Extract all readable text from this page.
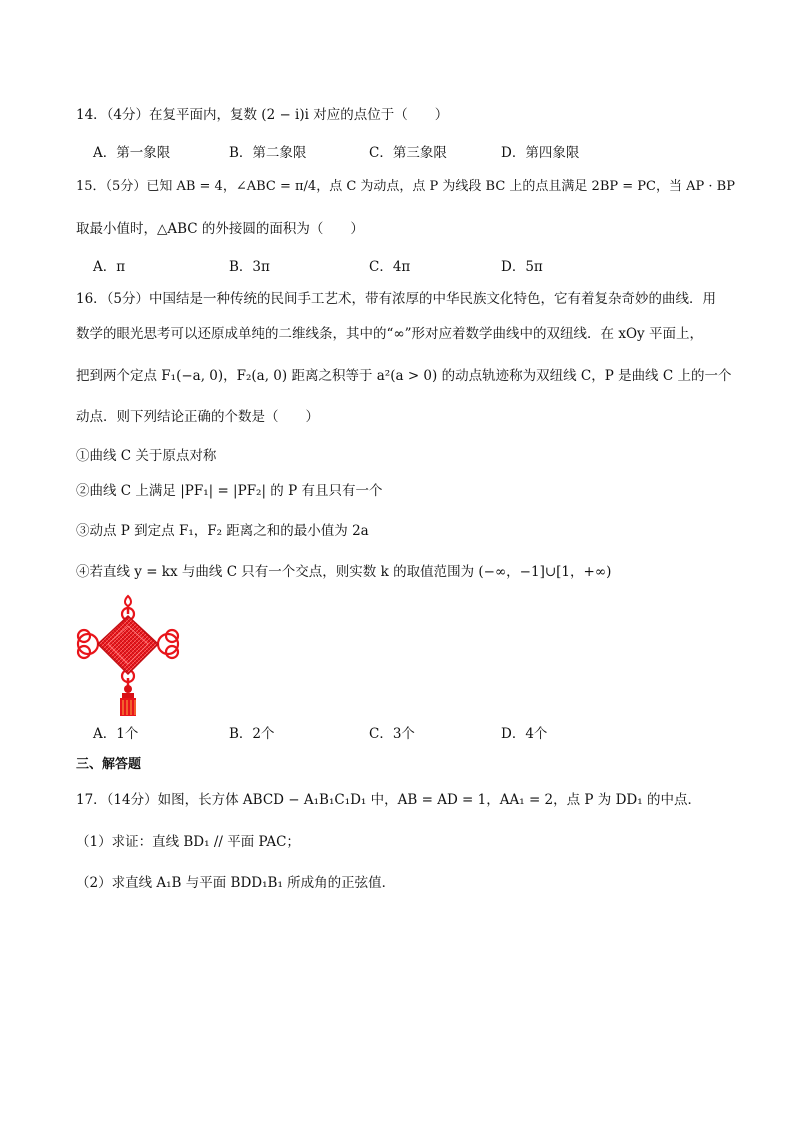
14．（4分）在复平面内，复数 (2 − i)i 对应的点位于（　　）
A．第一象限	B．第二象限	C．第三象限	D．第四象限
15．（5分）已知 AB = 4，∠ABC = π/4，点 C 为动点，点 P 为线段 BC 上的点且满足 2BP = PC，当 AP · BP
取最小值时，△ABC 的外接圆的面积为（　　）
A．π	B．3π	C．4π	D．5π
16．（5分）中国结是一种传统的民间手工艺术，带有浓厚的中华民族文化特色，它有着复杂奇妙的曲线．用
数学的眼光思考可以还原成单纯的二维线条，其中的“∞”形对应着数学曲线中的双纽线．在 xOy 平面上，
把到两个定点 F₁(−a, 0)，F₂(a, 0) 距离之积等于 a²(a > 0) 的动点轨迹称为双纽线 C，P 是曲线 C 上的一个
动点．则下列结论正确的个数是（　　）
①曲线 C 关于原点对称
②曲线 C 上满足 |PF₁| = |PF₂| 的 P 有且只有一个
③动点 P 到定点 F₁，F₂ 距离之和的最小值为 2a
④若直线 y = kx 与曲线 C 只有一个交点，则实数 k 的取值范围为 (−∞，−1]∪[1，+∞)
A．1个	B．2个	C．3个	D．4个
三、解答题
17．（14分）如图，长方体 ABCD − A₁B₁C₁D₁ 中，AB = AD = 1，AA₁ = 2，点 P 为 DD₁ 的中点．
（1）求证：直线 BD₁ // 平面 PAC；
（2）求直线 A₁B 与平面 BDD₁B₁ 所成角的正弦值．
